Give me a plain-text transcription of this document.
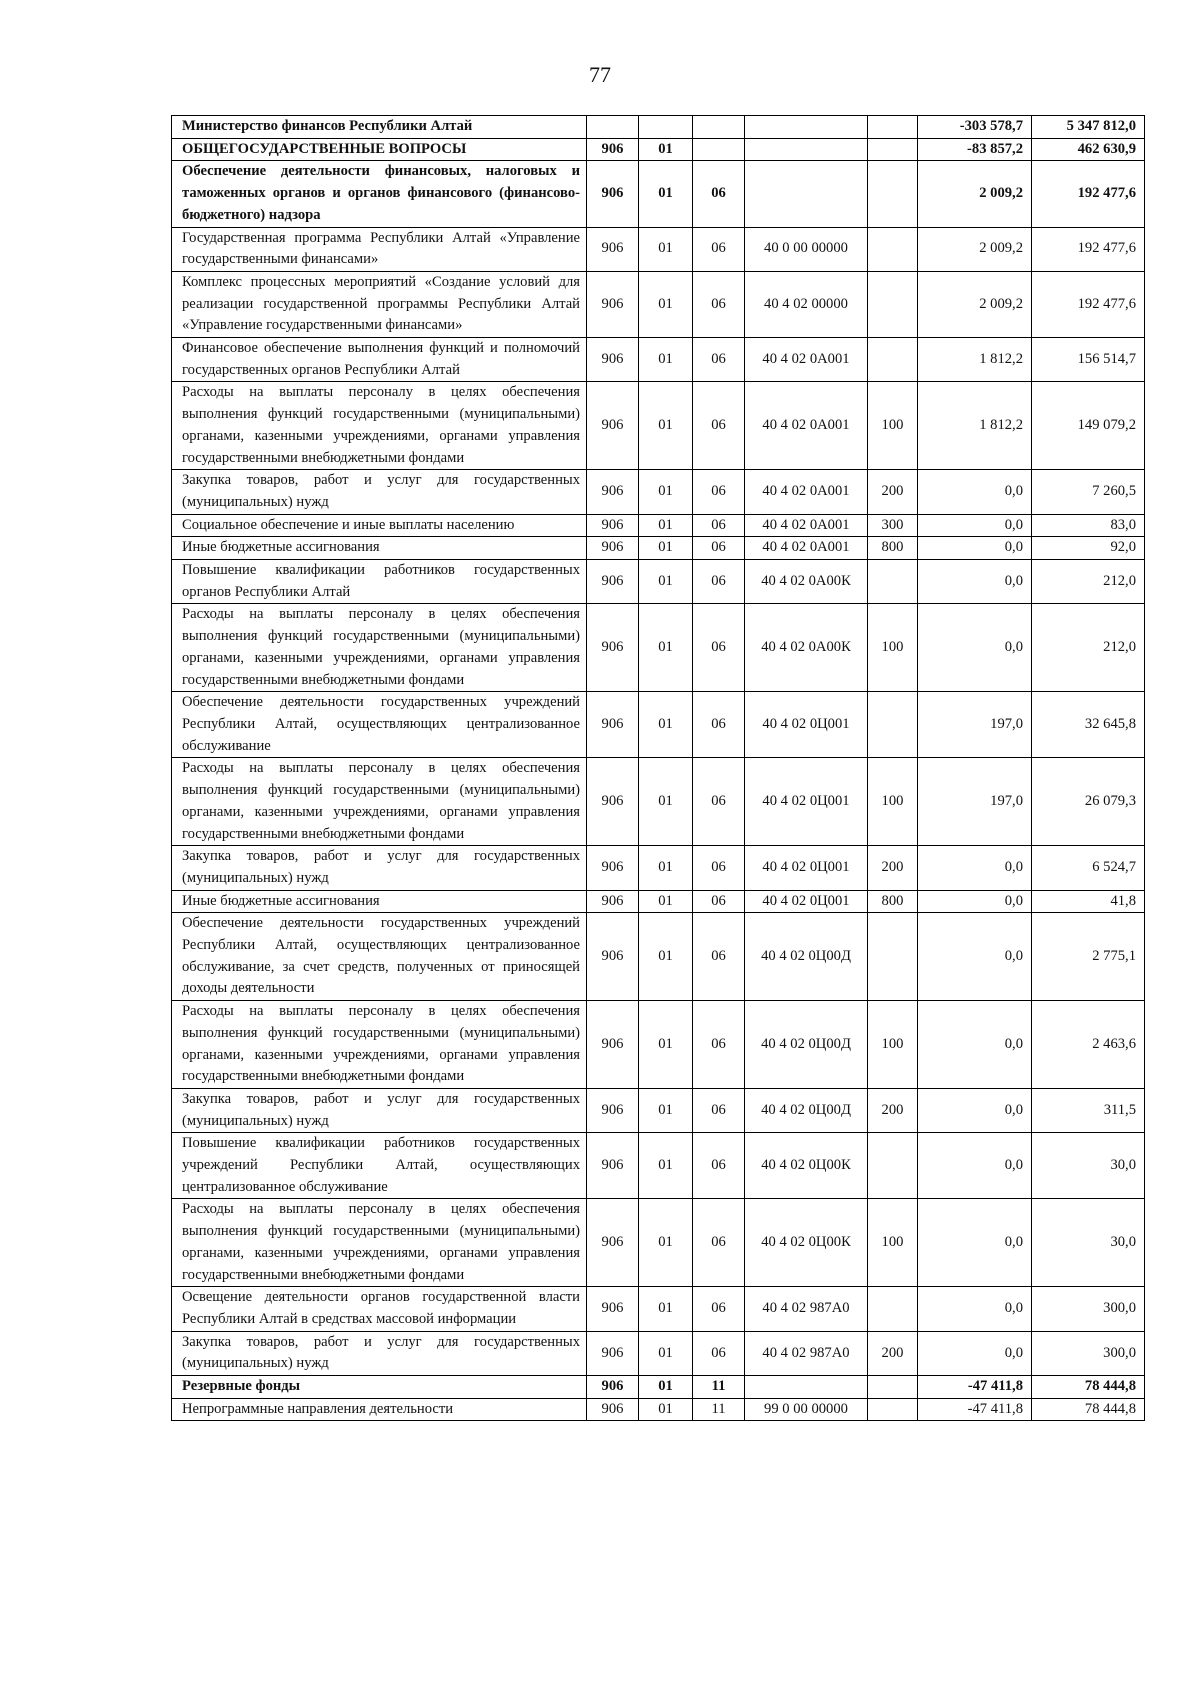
77
Министерство финансов Республики Алтай						-303 578,7	5 347 812,0
ОБЩЕГОСУДАРСТВЕННЫЕ ВОПРОСЫ	906	01				-83 857,2	462 630,9
Обеспечение деятельности финансовых, налоговых и таможенных органов и органов финансового (финансово-бюджетного) надзора	906	01	06			2 009,2	192 477,6
Государственная программа Республики Алтай «Управление государственными финансами»	906	01	06	40 0 00 00000		2 009,2	192 477,6
Комплекс процессных мероприятий «Создание условий для реализации государственной программы Республики Алтай «Управление государственными финансами»	906	01	06	40 4 02 00000		2 009,2	192 477,6
Финансовое обеспечение выполнения функций и полномочий государственных органов Республики Алтай	906	01	06	40 4 02 0А001		1 812,2	156 514,7
Расходы на выплаты персоналу в целях обеспечения выполнения функций государственными (муниципальными) органами, казенными учреждениями, органами управления государственными внебюджетными фондами	906	01	06	40 4 02 0А001	100	1 812,2	149 079,2
Закупка товаров, работ и услуг для государственных (муниципальных) нужд	906	01	06	40 4 02 0А001	200	0,0	7 260,5
Социальное обеспечение и иные выплаты населению	906	01	06	40 4 02 0А001	300	0,0	83,0
Иные бюджетные ассигнования	906	01	06	40 4 02 0А001	800	0,0	92,0
Повышение квалификации работников государственных органов Республики Алтай	906	01	06	40 4 02 0А00К		0,0	212,0
Расходы на выплаты персоналу в целях обеспечения выполнения функций государственными (муниципальными) органами, казенными учреждениями, органами управления государственными внебюджетными фондами	906	01	06	40 4 02 0А00К	100	0,0	212,0
Обеспечение деятельности государственных учреждений Республики Алтай, осуществляющих централизованное обслуживание	906	01	06	40 4 02 0Ц001		197,0	32 645,8
Расходы на выплаты персоналу в целях обеспечения выполнения функций государственными (муниципальными) органами, казенными учреждениями, органами управления государственными внебюджетными фондами	906	01	06	40 4 02 0Ц001	100	197,0	26 079,3
Закупка товаров, работ и услуг для государственных (муниципальных) нужд	906	01	06	40 4 02 0Ц001	200	0,0	6 524,7
Иные бюджетные ассигнования	906	01	06	40 4 02 0Ц001	800	0,0	41,8
Обеспечение деятельности государственных учреждений Республики Алтай, осуществляющих централизованное обслуживание, за счет средств, полученных от приносящей доходы деятельности	906	01	06	40 4 02 0Ц00Д		0,0	2 775,1
Расходы на выплаты персоналу в целях обеспечения выполнения функций государственными (муниципальными) органами, казенными учреждениями, органами управления государственными внебюджетными фондами	906	01	06	40 4 02 0Ц00Д	100	0,0	2 463,6
Закупка товаров, работ и услуг для государственных (муниципальных) нужд	906	01	06	40 4 02 0Ц00Д	200	0,0	311,5
Повышение квалификации работников государственных учреждений Республики Алтай, осуществляющих централизованное обслуживание	906	01	06	40 4 02 0Ц00К		0,0	30,0
Расходы на выплаты персоналу в целях обеспечения выполнения функций государственными (муниципальными) органами, казенными учреждениями, органами управления государственными внебюджетными фондами	906	01	06	40 4 02 0Ц00К	100	0,0	30,0
Освещение деятельности органов государственной власти Республики Алтай в средствах массовой информации	906	01	06	40 4 02 987А0		0,0	300,0
Закупка товаров, работ и услуг для государственных (муниципальных) нужд	906	01	06	40 4 02 987А0	200	0,0	300,0
Резервные фонды	906	01	11			-47 411,8	78 444,8
Непрограммные направления деятельности	906	01	11	99 0 00 00000		-47 411,8	78 444,8
